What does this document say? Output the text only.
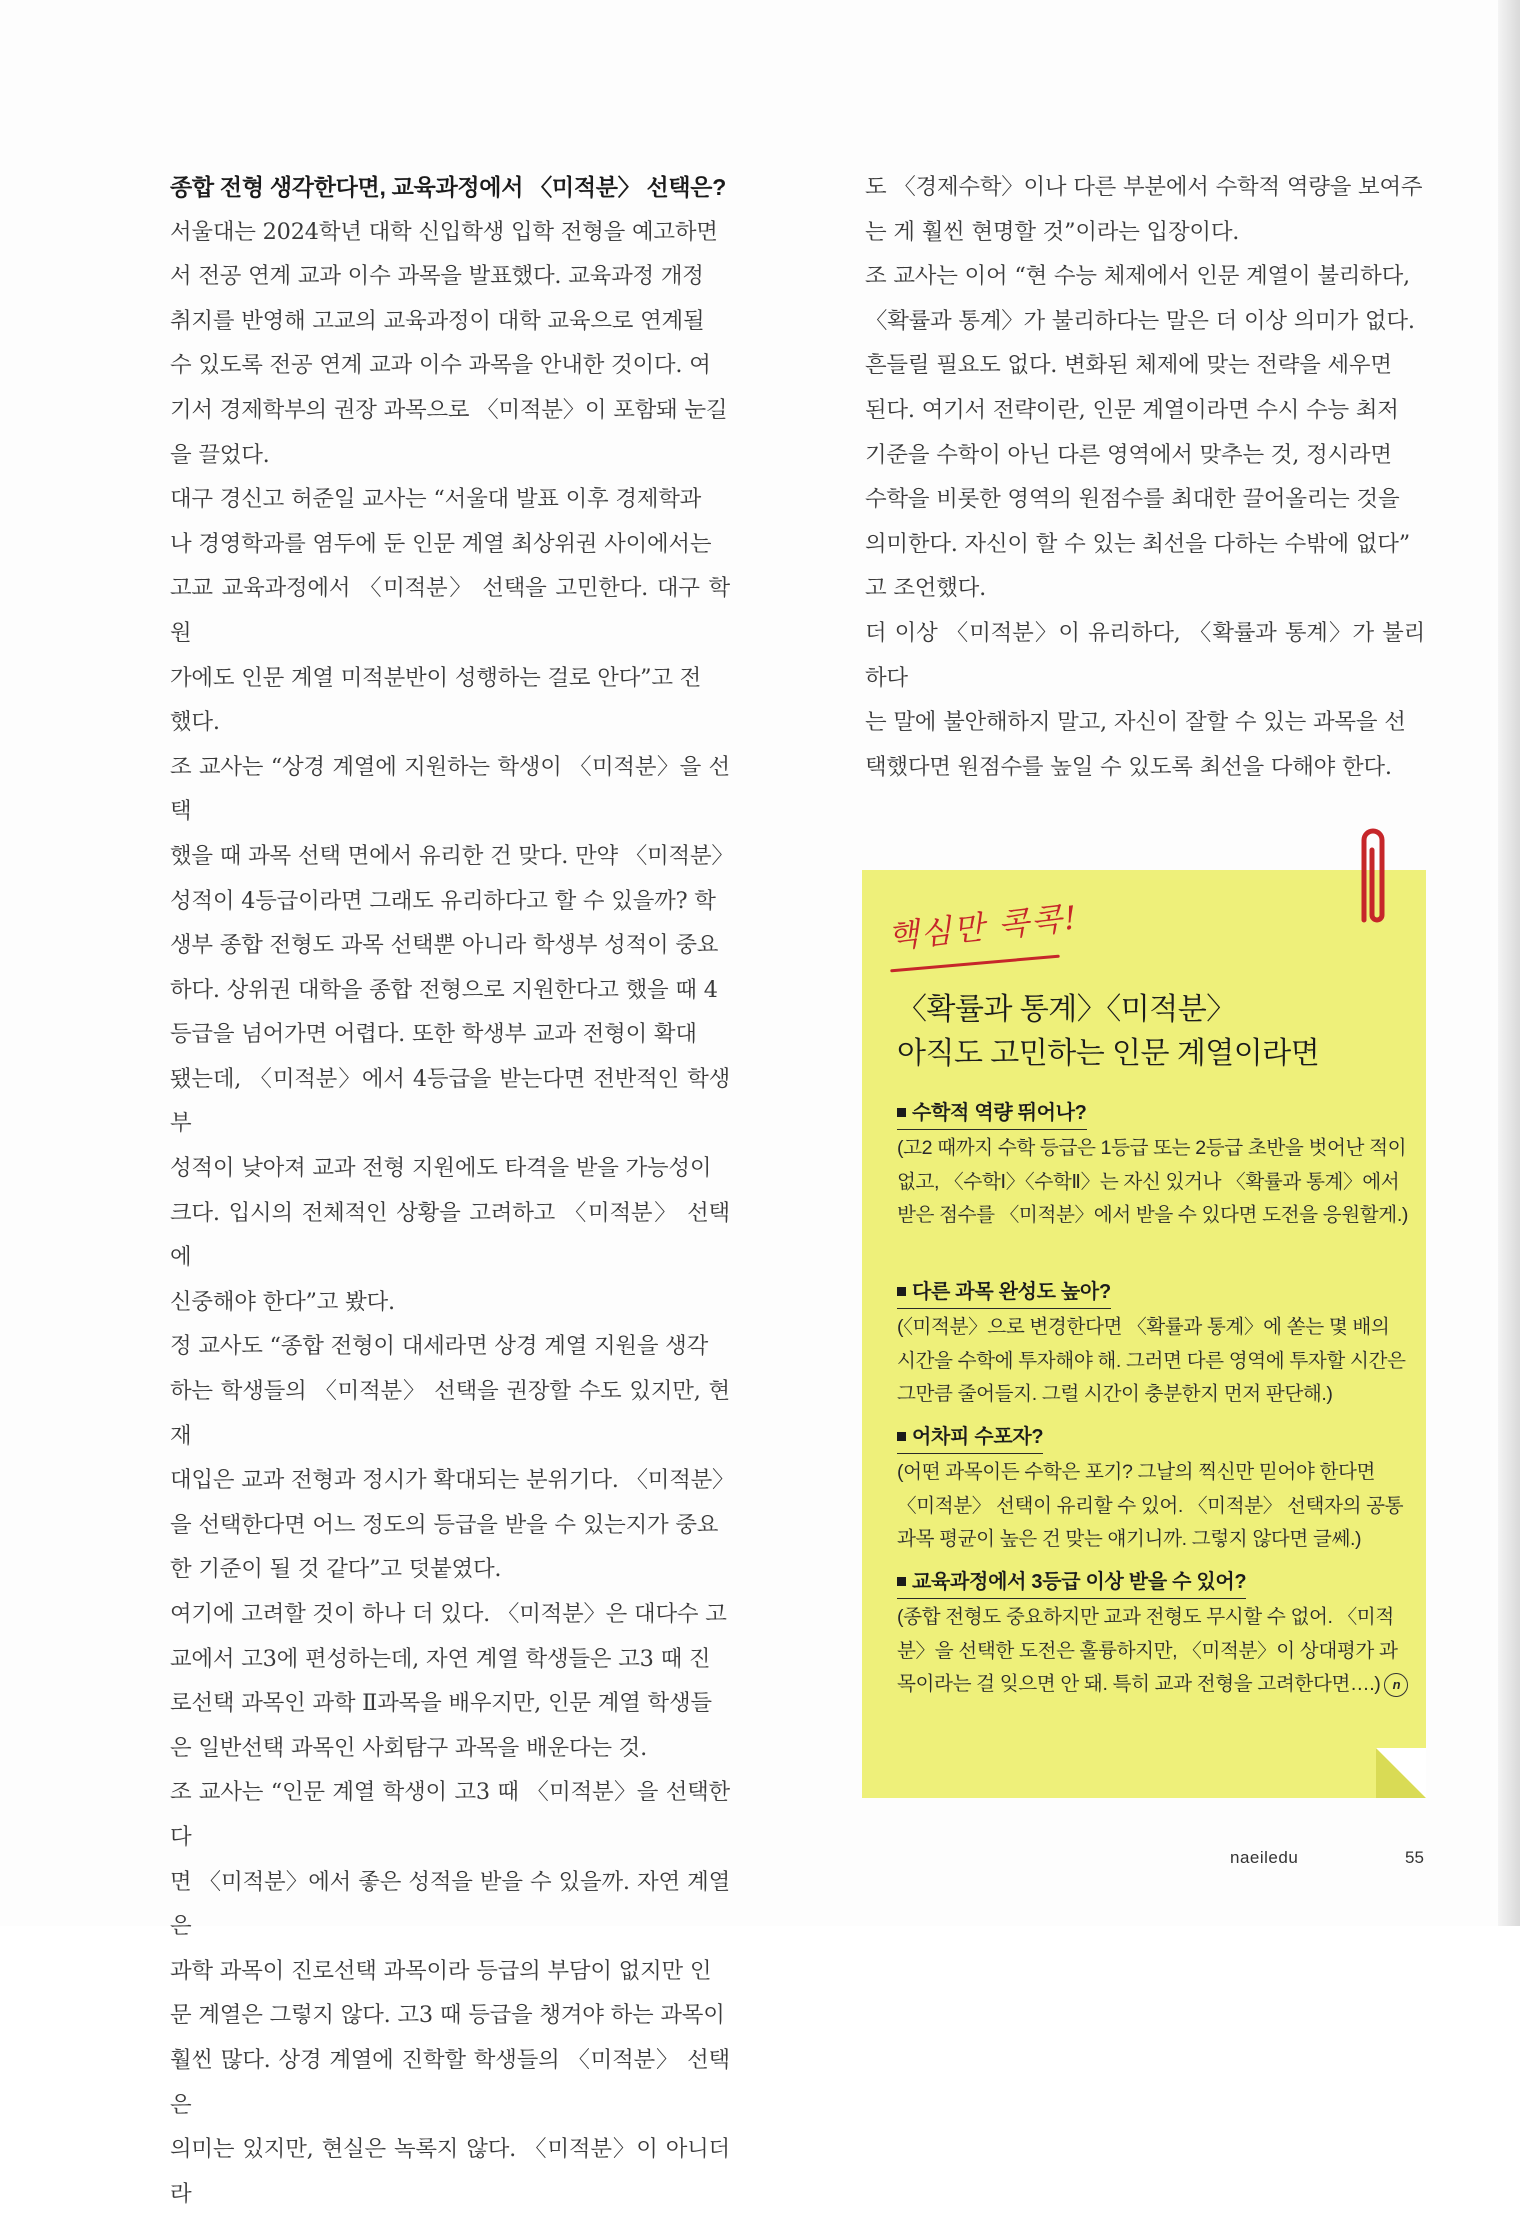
종합 전형 생각한다면, 교육과정에서 〈미적분〉 선택은?

서울대는 2024학년 대학 신입학생 입학 전형을 예고하면

서 전공 연계 교과 이수 과목을 발표했다. 교육과정 개정

취지를 반영해 고교의 교육과정이 대학 교육으로 연계될

수 있도록 전공 연계 교과 이수 과목을 안내한 것이다. 여

기서 경제학부의 권장 과목으로 〈미적분〉이 포함돼 눈길

을 끌었다.

대구 경신고 허준일 교사는 “서울대 발표 이후 경제학과

나 경영학과를 염두에 둔 인문 계열 최상위권 사이에서는

고교 교육과정에서 〈미적분〉 선택을 고민한다. 대구 학원

가에도 인문 계열 미적분반이 성행하는 걸로 안다”고 전

했다.

조 교사는 “상경 계열에 지원하는 학생이 〈미적분〉을 선택

했을 때 과목 선택 면에서 유리한 건 맞다. 만약 〈미적분〉

성적이 4등급이라면 그래도 유리하다고 할 수 있을까? 학

생부 종합 전형도 과목 선택뿐 아니라 학생부 성적이 중요

하다. 상위권 대학을 종합 전형으로 지원한다고 했을 때 4

등급을 넘어가면 어렵다. 또한 학생부 교과 전형이 확대

됐는데, 〈미적분〉에서 4등급을 받는다면 전반적인 학생부

성적이 낮아져 교과 전형 지원에도 타격을 받을 가능성이

크다. 입시의 전체적인 상황을 고려하고 〈미적분〉 선택에

신중해야 한다”고 봤다.

정 교사도 “종합 전형이 대세라면 상경 계열 지원을 생각

하는 학생들의 〈미적분〉 선택을 권장할 수도 있지만, 현재

대입은 교과 전형과 정시가 확대되는 분위기다. 〈미적분〉

을 선택한다면 어느 정도의 등급을 받을 수 있는지가 중요

한 기준이 될 것 같다”고 덧붙였다.

여기에 고려할 것이 하나 더 있다. 〈미적분〉은 대다수 고

교에서 고3에 편성하는데, 자연 계열 학생들은 고3 때 진

로선택 과목인 과학 Ⅱ과목을 배우지만, 인문 계열 학생들

은 일반선택 과목인 사회탐구 과목을 배운다는 것.

조 교사는 “인문 계열 학생이 고3 때 〈미적분〉을 선택한다

면 〈미적분〉에서 좋은 성적을 받을 수 있을까. 자연 계열은

과학 과목이 진로선택 과목이라 등급의 부담이 없지만 인

문 계열은 그렇지 않다. 고3 때 등급을 챙겨야 하는 과목이

훨씬 많다. 상경 계열에 진학할 학생들의 〈미적분〉 선택은

의미는 있지만, 현실은 녹록지 않다. 〈미적분〉이 아니더라

도 〈경제수학〉이나 다른 부분에서 수학적 역량을 보여주

는 게 훨씬 현명할 것”이라는 입장이다.

조 교사는 이어 “현 수능 체제에서 인문 계열이 불리하다,

〈확률과 통계〉가 불리하다는 말은 더 이상 의미가 없다.

흔들릴 필요도 없다. 변화된 체제에 맞는 전략을 세우면

된다. 여기서 전략이란, 인문 계열이라면 수시 수능 최저

기준을 수학이 아닌 다른 영역에서 맞추는 것, 정시라면

수학을 비롯한 영역의 원점수를 최대한 끌어올리는 것을

의미한다. 자신이 할 수 있는 최선을 다하는 수밖에 없다”

고 조언했다.

더 이상 〈미적분〉이 유리하다, 〈확률과 통계〉가 불리하다

는 말에 불안해하지 말고, 자신이 잘할 수 있는 과목을 선

택했다면 원점수를 높일 수 있도록 최선을 다해야 한다.

핵심만 콕콕!
〈확률과 통계〉〈미적분〉
아직도 고민하는 인문 계열이라면
수학적 역량 뛰어나?
(고2 때까지 수학 등급은 1등급 또는 2등급 초반을 벗어난 적이 없고, 〈수학Ⅰ〉〈수학Ⅱ〉는 자신 있거나 〈확률과 통계〉에서 받은 점수를 〈미적분〉에서 받을 수 있다면 도전을 응원할게.)
다른 과목 완성도 높아?
(〈미적분〉으로 변경한다면 〈확률과 통계〉에 쏟는 몇 배의 시간을 수학에 투자해야 해. 그러면 다른 영역에 투자할 시간은 그만큼 줄어들지. 그럴 시간이 충분한지 먼저 판단해.)
어차피 수포자?
(어떤 과목이든 수학은 포기? 그날의 찍신만 믿어야 한다면 〈미적분〉 선택이 유리할 수 있어. 〈미적분〉 선택자의 공통 과목 평균이 높은 건 맞는 얘기니까. 그렇지 않다면 글쎄.)
교육과정에서 3등급 이상 받을 수 있어?
(종합 전형도 중요하지만 교과 전형도 무시할 수 없어. 〈미적분〉을 선택한 도전은 훌륭하지만, 〈미적분〉이 상대평가 과목이라는 걸 잊으면 안 돼. 특히 교과 전형을 고려한다면….) n
naeiledu	55
